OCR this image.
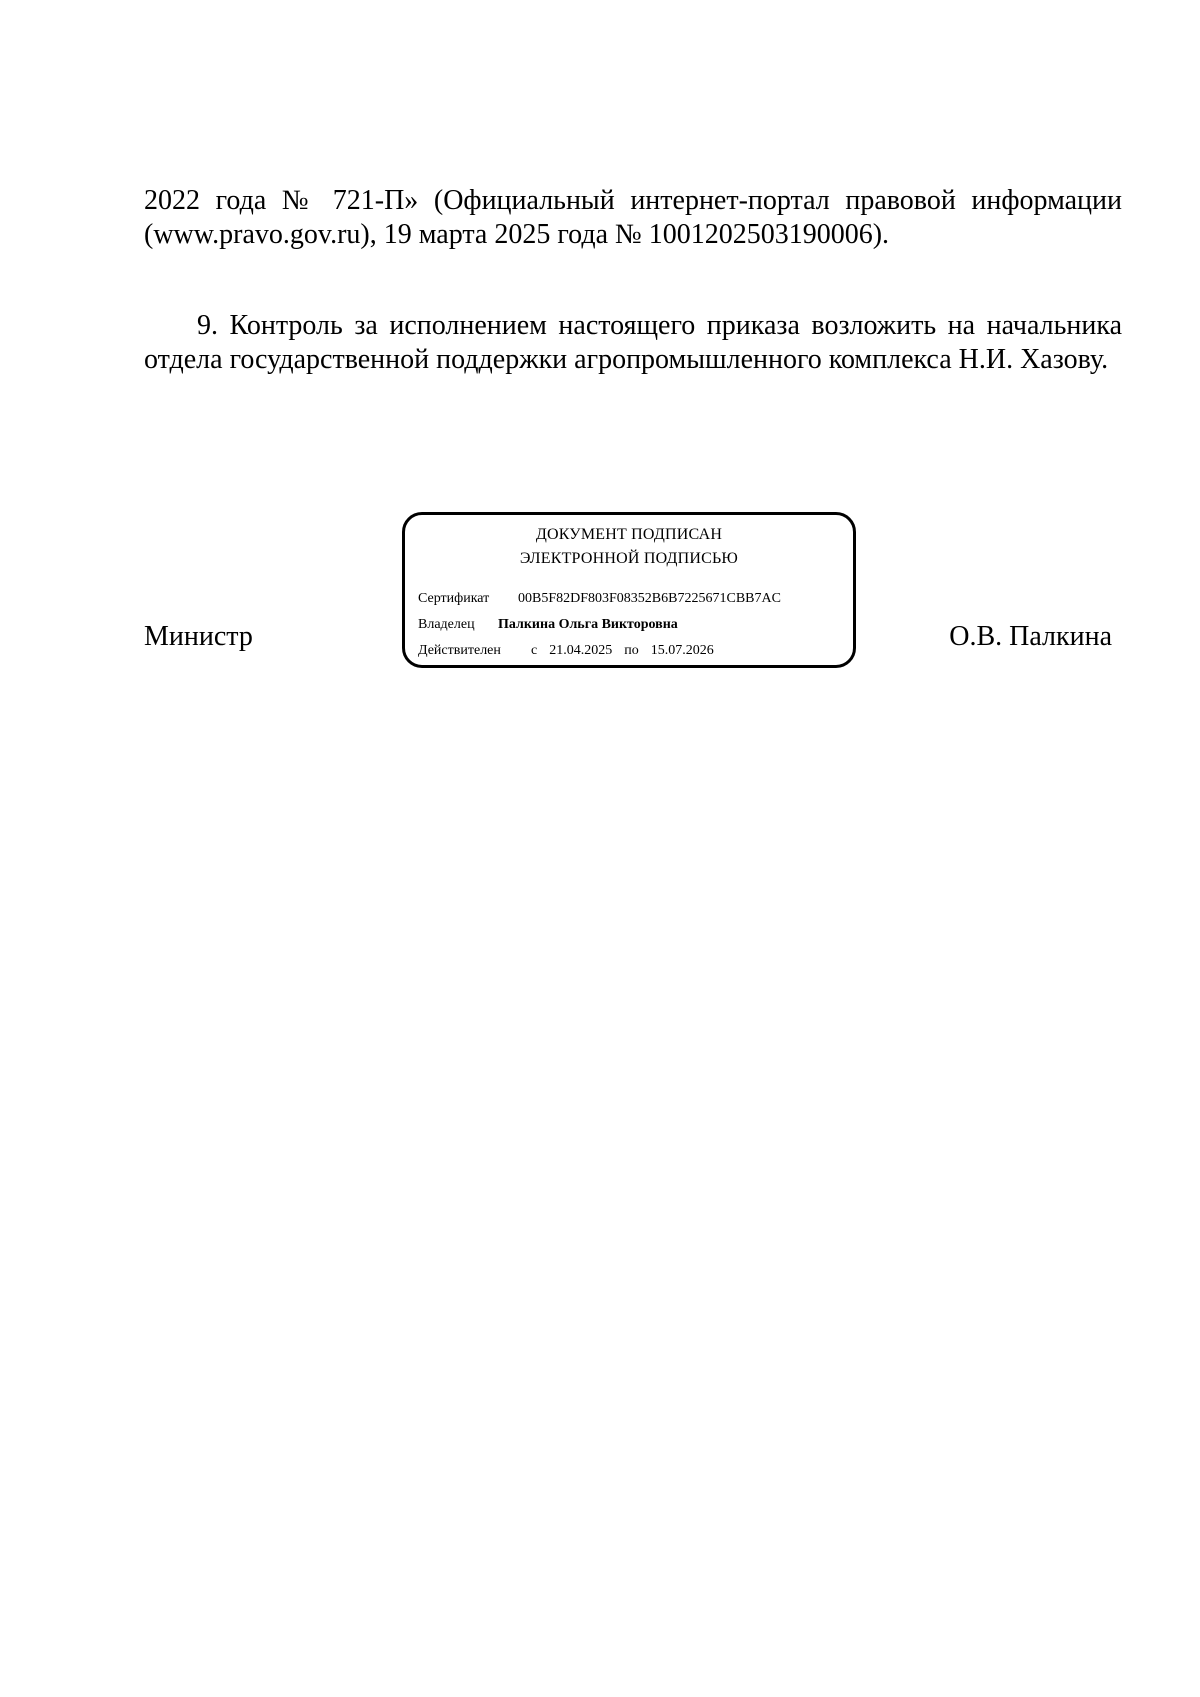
2022 года № 721-П» (Официальный интернет-портал правовой информации (www.pravo.gov.ru), 19 марта 2025 года № 1001202503190006).

9. Контроль за исполнением настоящего приказа возложить на начальника отдела государственной поддержки агропромышленного комплекса Н.И. Хазову.

Министр
ДОКУМЕНТ ПОДПИСАН
ЭЛЕКТРОННОЙ ПОДПИСЬЮ
Сертификат 00B5F82DF803F08352B6B7225671CBB7AC
Владелец Палкина Ольга Викторовна
Действителен с 21.04.2025 по 15.07.2026	О.В. Палкина
